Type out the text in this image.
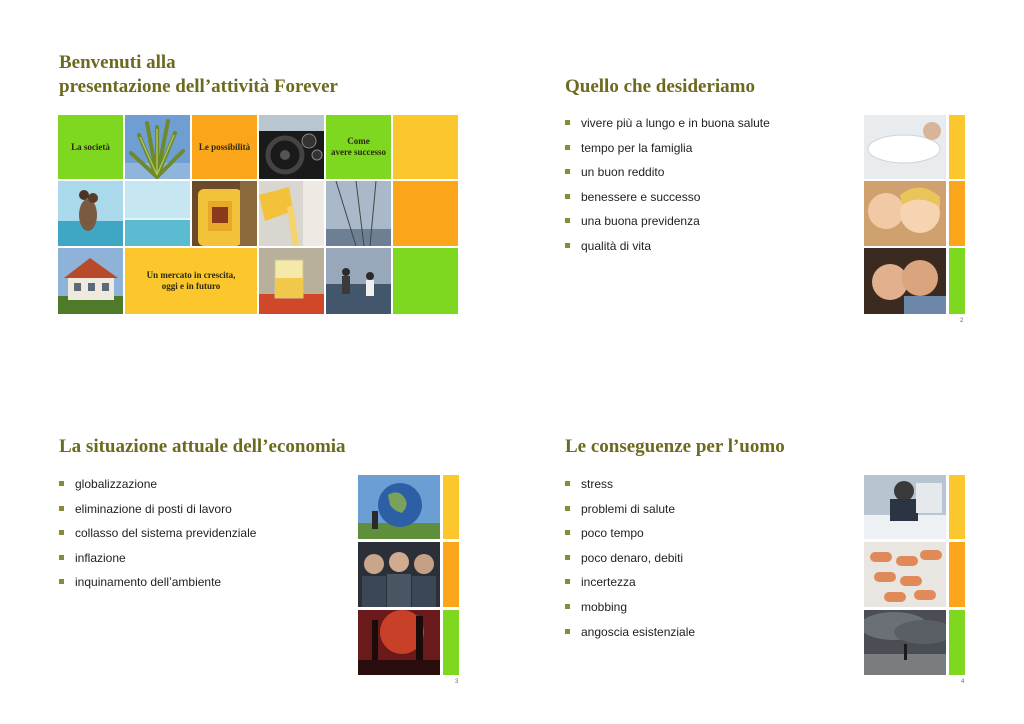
Benvenuti alla
presentazione dell’attività Forever
La società	Le possibilità
Come
avere successo
Un mercato in crescita,
oggi e in futuro
Quello che desideriamo
vivere più a lungo e in buona salute
tempo per la famiglia
un buon reddito
benessere e successo
una buona previdenza
qualità di vita
2
La situazione attuale dell’economia
globalizzazione
eliminazione di posti di lavoro
collasso del sistema previdenziale
inflazione
inquinamento dell’ambiente
3
Le conseguenze per l’uomo
stress
problemi di salute
poco tempo
poco denaro, debiti
incertezza
mobbing
angoscia esistenziale
4
